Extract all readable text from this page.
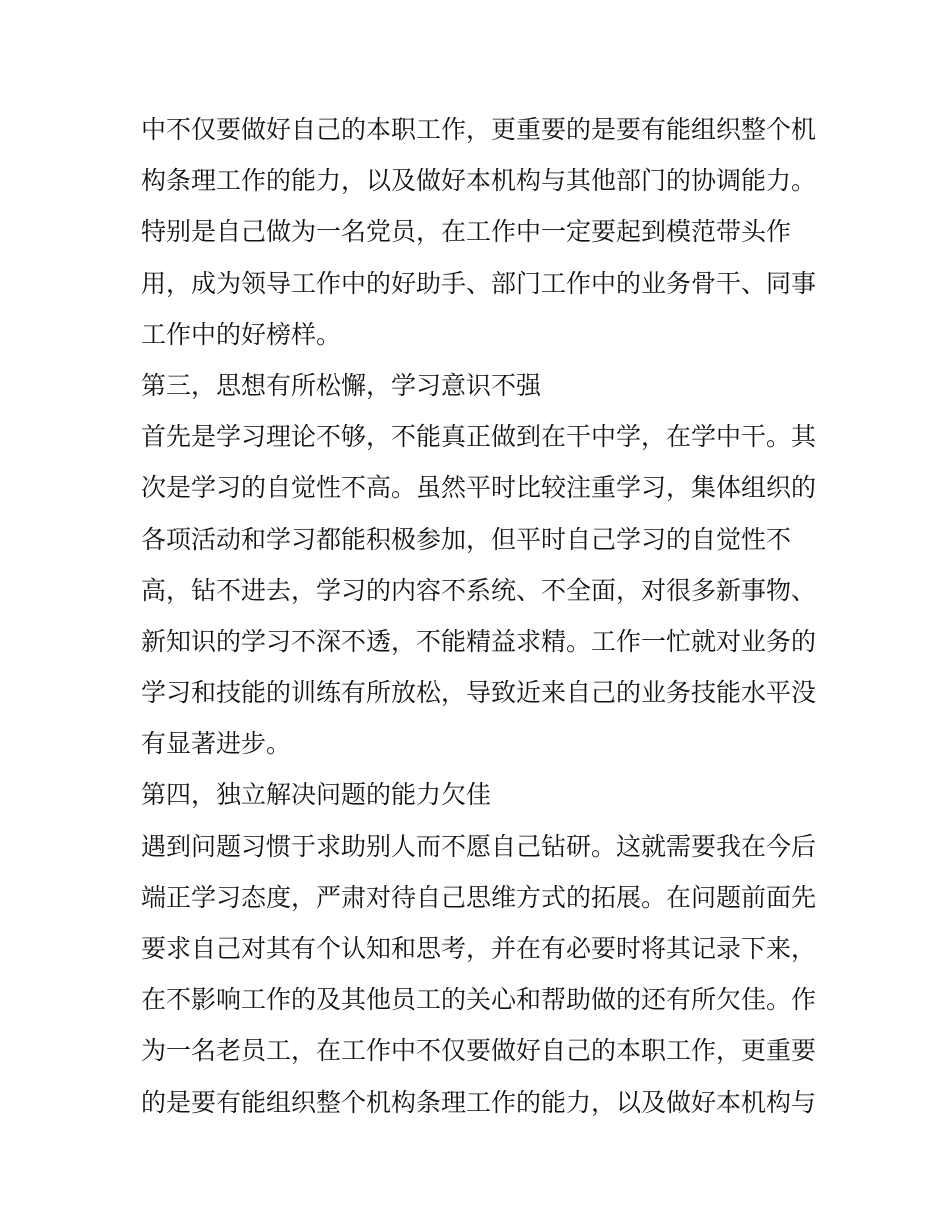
中不仅要做好自己的本职工作，更重要的是要有能组织整个机
构条理工作的能力，以及做好本机构与其他部门的协调能力。
特别是自己做为一名党员，在工作中一定要起到模范带头作
用，成为领导工作中的好助手、部门工作中的业务骨干、同事
工作中的好榜样。
第三，思想有所松懈，学习意识不强
首先是学习理论不够，不能真正做到在干中学，在学中干。其
次是学习的自觉性不高。虽然平时比较注重学习，集体组织的
各项活动和学习都能积极参加，但平时自己学习的自觉性不
高，钻不进去，学习的内容不系统、不全面，对很多新事物、
新知识的学习不深不透，不能精益求精。工作一忙就对业务的
学习和技能的训练有所放松，导致近来自己的业务技能水平没
有显著进步。
第四，独立解决问题的能力欠佳
遇到问题习惯于求助别人而不愿自己钻研。这就需要我在今后
端正学习态度，严肃对待自己思维方式的拓展。在问题前面先
要求自己对其有个认知和思考，并在有必要时将其记录下来，
在不影响工作的及其他员工的关心和帮助做的还有所欠佳。作
为一名老员工，在工作中不仅要做好自己的本职工作，更重要
的是要有能组织整个机构条理工作的能力，以及做好本机构与
